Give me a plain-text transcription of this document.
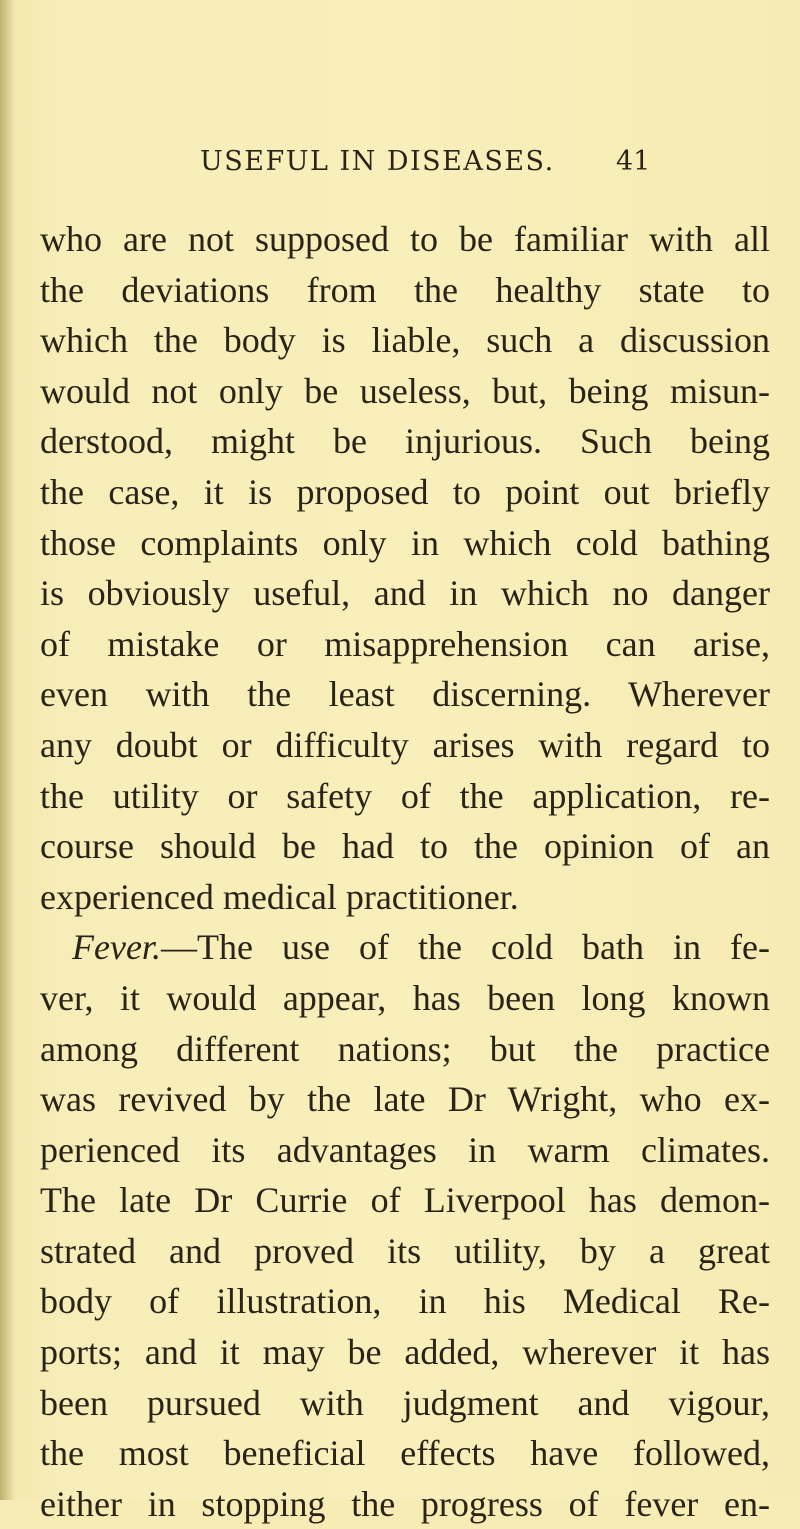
USEFUL IN DISEASES. 41
who are not supposed to be familiar with all
the deviations from the healthy state to
which the body is liable, such a discussion
would not only be useless, but, being misun-
derstood, might be injurious. Such being
the case, it is proposed to point out briefly
those complaints only in which cold bathing
is obviously useful, and in which no danger
of mistake or misapprehension can arise,
even with the least discerning. Wherever
any doubt or difficulty arises with regard to
the utility or safety of the application, re-
course should be had to the opinion of an
experienced medical practitioner.
Fever.—The use of the cold bath in fe-
ver, it would appear, has been long known
among different nations; but the practice
was revived by the late Dr Wright, who ex-
perienced its advantages in warm climates.
The late Dr Currie of Liverpool has demon-
strated and proved its utility, by a great
body of illustration, in his Medical Re-
ports; and it may be added, wherever it has
been pursued with judgment and vigour,
the most beneficial effects have followed,
either in stopping the progress of fever en-
